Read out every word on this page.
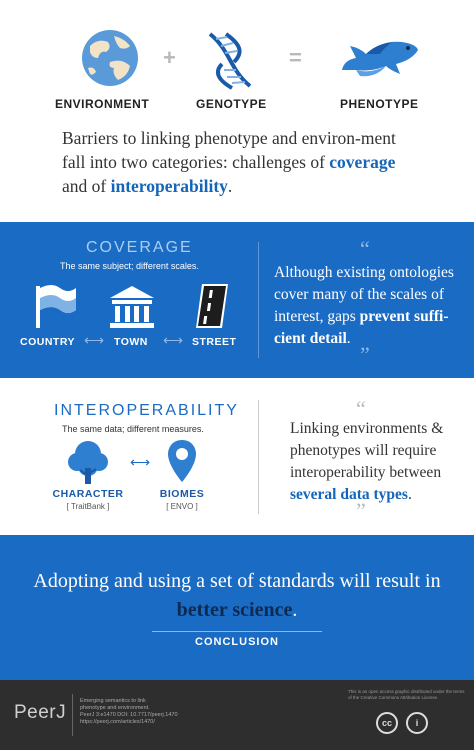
ENVIRONMENT
+
GENOTYPE
=
PHENOTYPE

Barriers to linking phenotype and environ-ment fall into two categories: challenges of coverage and of interoperability.

COVERAGE
The same subject; different scales.
COUNTRY ⟷ TOWN ⟷ STREET
“

Although existing ontologies cover many of the scales of interest, gaps prevent suffi-cient detail.

”
INTEROPERABILITY
The same data; different measures.
⟷
CHARACTER
[ TraitBank ]
BIOMES
[ ENVO ]
“

Linking environments & phenotypes will require interoperability between several data types.

”

Adopting and using a set of standards will result in better science.

CONCLUSION
PeerJ
Emerging semantics to link
phenotype and environment.
PeerJ 3:e1470 DOI: 10.7717/peerj.1470
https://peerj.com/articles/1470/
This is an open access graphic distributed under the terms of the Creative Commons Attribution License.
cc	i
